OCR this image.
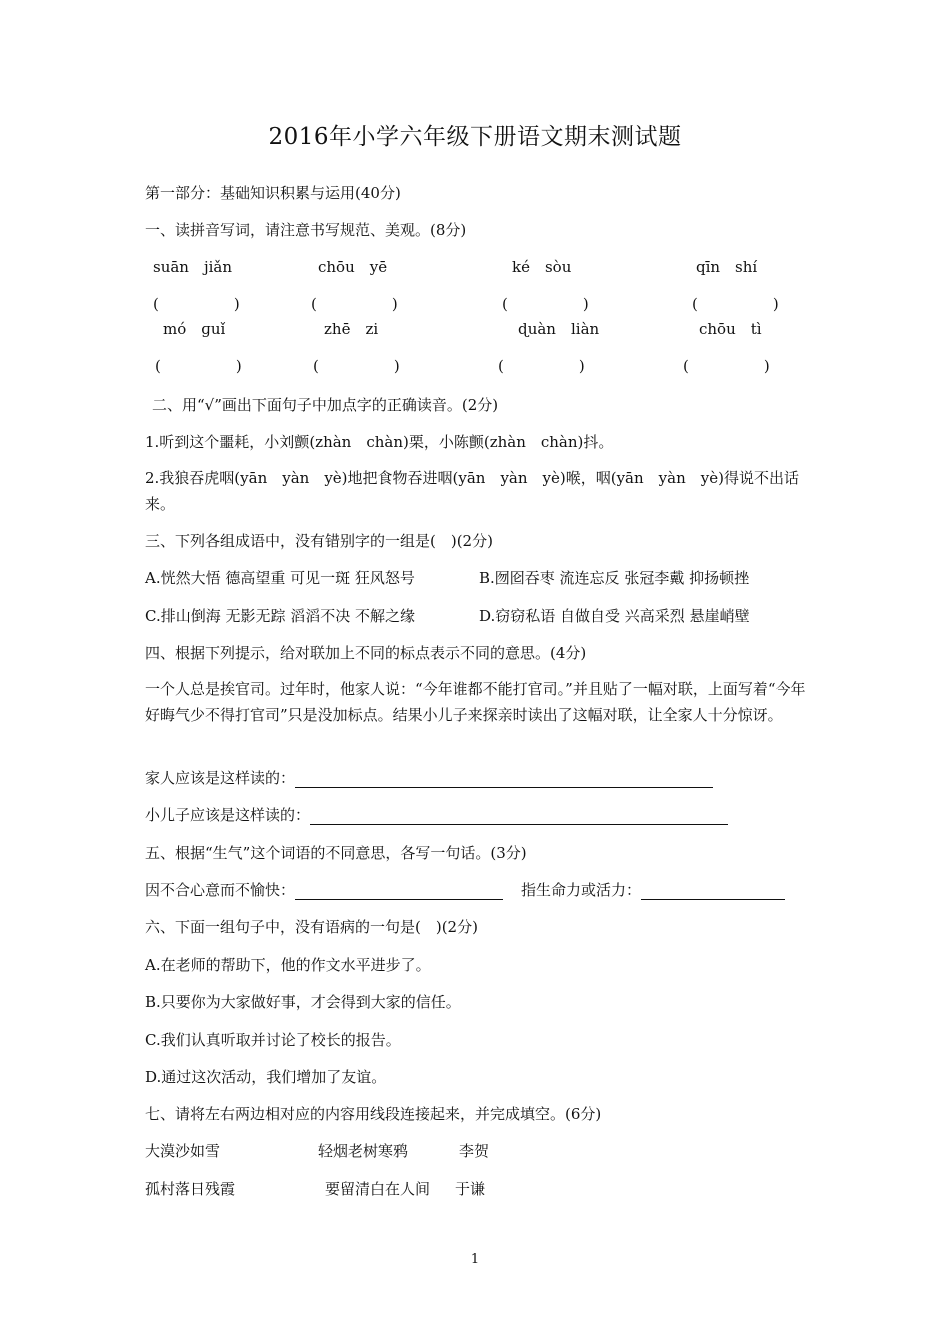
2016年小学六年级下册语文期末测试题
第一部分：基础知识积累与运用(40分)
一、读拼音写词，请注意书写规范、美观。(8分)
suān　jiǎn	chōu　yē	ké　sòu	qīn　shí
(　　　　　)	(　　　　　)	(　　　　　)	(　　　　　)
mó　ɡuǐ	zhē　zi	ɖuàn　liàn	chōu　tì
(　　　　　)	(　　　　　)	(　　　　　)	(　　　　　)
二、用“√”画出下面句子中加点字的正确读音。(2分)
1.听到这个噩耗，小刘颤(zhàn　chàn)栗，小陈颤(zhàn　chàn)抖。
2.我狼吞虎咽(yān　yàn　yè)地把食物吞进咽(yān　yàn　yè)喉，咽(yān　yàn　yè)得说不出话来。
三、下列各组成语中，没有错别字的一组是(　)(2分)
A.恍然大悟 德高望重 可见一斑 狂风怒号	B.囫囵吞枣 流连忘反 张冠李戴 抑扬顿挫
C.排山倒海 无影无踪 滔滔不决 不解之缘	D.窃窃私语 自做自受 兴高采烈 悬崖峭壁
四、根据下列提示，给对联加上不同的标点表示不同的意思。(4分)
一个人总是挨官司。过年时，他家人说：“今年谁都不能打官司。”并且贴了一幅对联，上面写着“今年好晦气少不得打官司”只是没加标点。结果小儿子来探亲时读出了这幅对联，让全家人十分惊讶。
家人应该是这样读的：
小儿子应该是这样读的：
五、根据“生气”这个词语的不同意思，各写一句话。(3分)
因不合心意而不愉快：	指生命力或活力：
六、下面一组句子中，没有语病的一句是(　)(2分)
A.在老师的帮助下，他的作文水平进步了。
B.只要你为大家做好事，才会得到大家的信任。
C.我们认真听取并讨论了校长的报告。
D.通过这次活动，我们增加了友谊。
七、请将左右两边相对应的内容用线段连接起来，并完成填空。(6分)
大漠沙如雪	轻烟老树寒鸦	李贺
孤村落日残霞	要留清白在人间 于谦
1
